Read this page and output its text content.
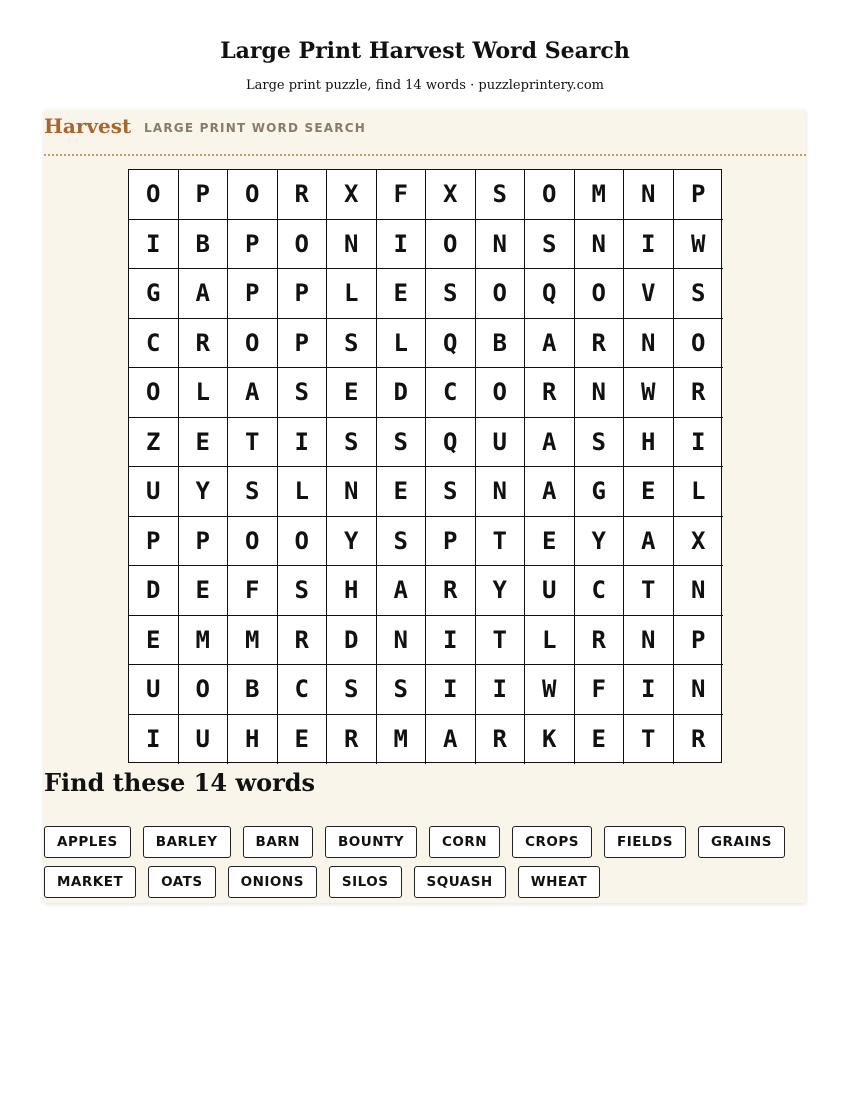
Large Print Harvest Word Search
Large print puzzle, find 14 words · puzzleprintery.com
Harvest LARGE PRINT WORD SEARCH
O	P	O	R	X	F	X	S	O	M	N	P
I	B	P	O	N	I	O	N	S	N	I	W
G	A	P	P	L	E	S	O	Q	O	V	S
C	R	O	P	S	L	Q	B	A	R	N	O
O	L	A	S	E	D	C	O	R	N	W	R
Z	E	T	I	S	S	Q	U	A	S	H	I
U	Y	S	L	N	E	S	N	A	G	E	L
P	P	O	O	Y	S	P	T	E	Y	A	X
D	E	F	S	H	A	R	Y	U	C	T	N
E	M	M	R	D	N	I	T	L	R	N	P
U	O	B	C	S	S	I	I	W	F	I	N
I	U	H	E	R	M	A	R	K	E	T	R
Find these 14 words
APPLES	BARLEY	BARN	BOUNTY	CORN	CROPS	FIELDS	GRAINS
MARKET	OATS	ONIONS	SILOS	SQUASH	WHEAT
